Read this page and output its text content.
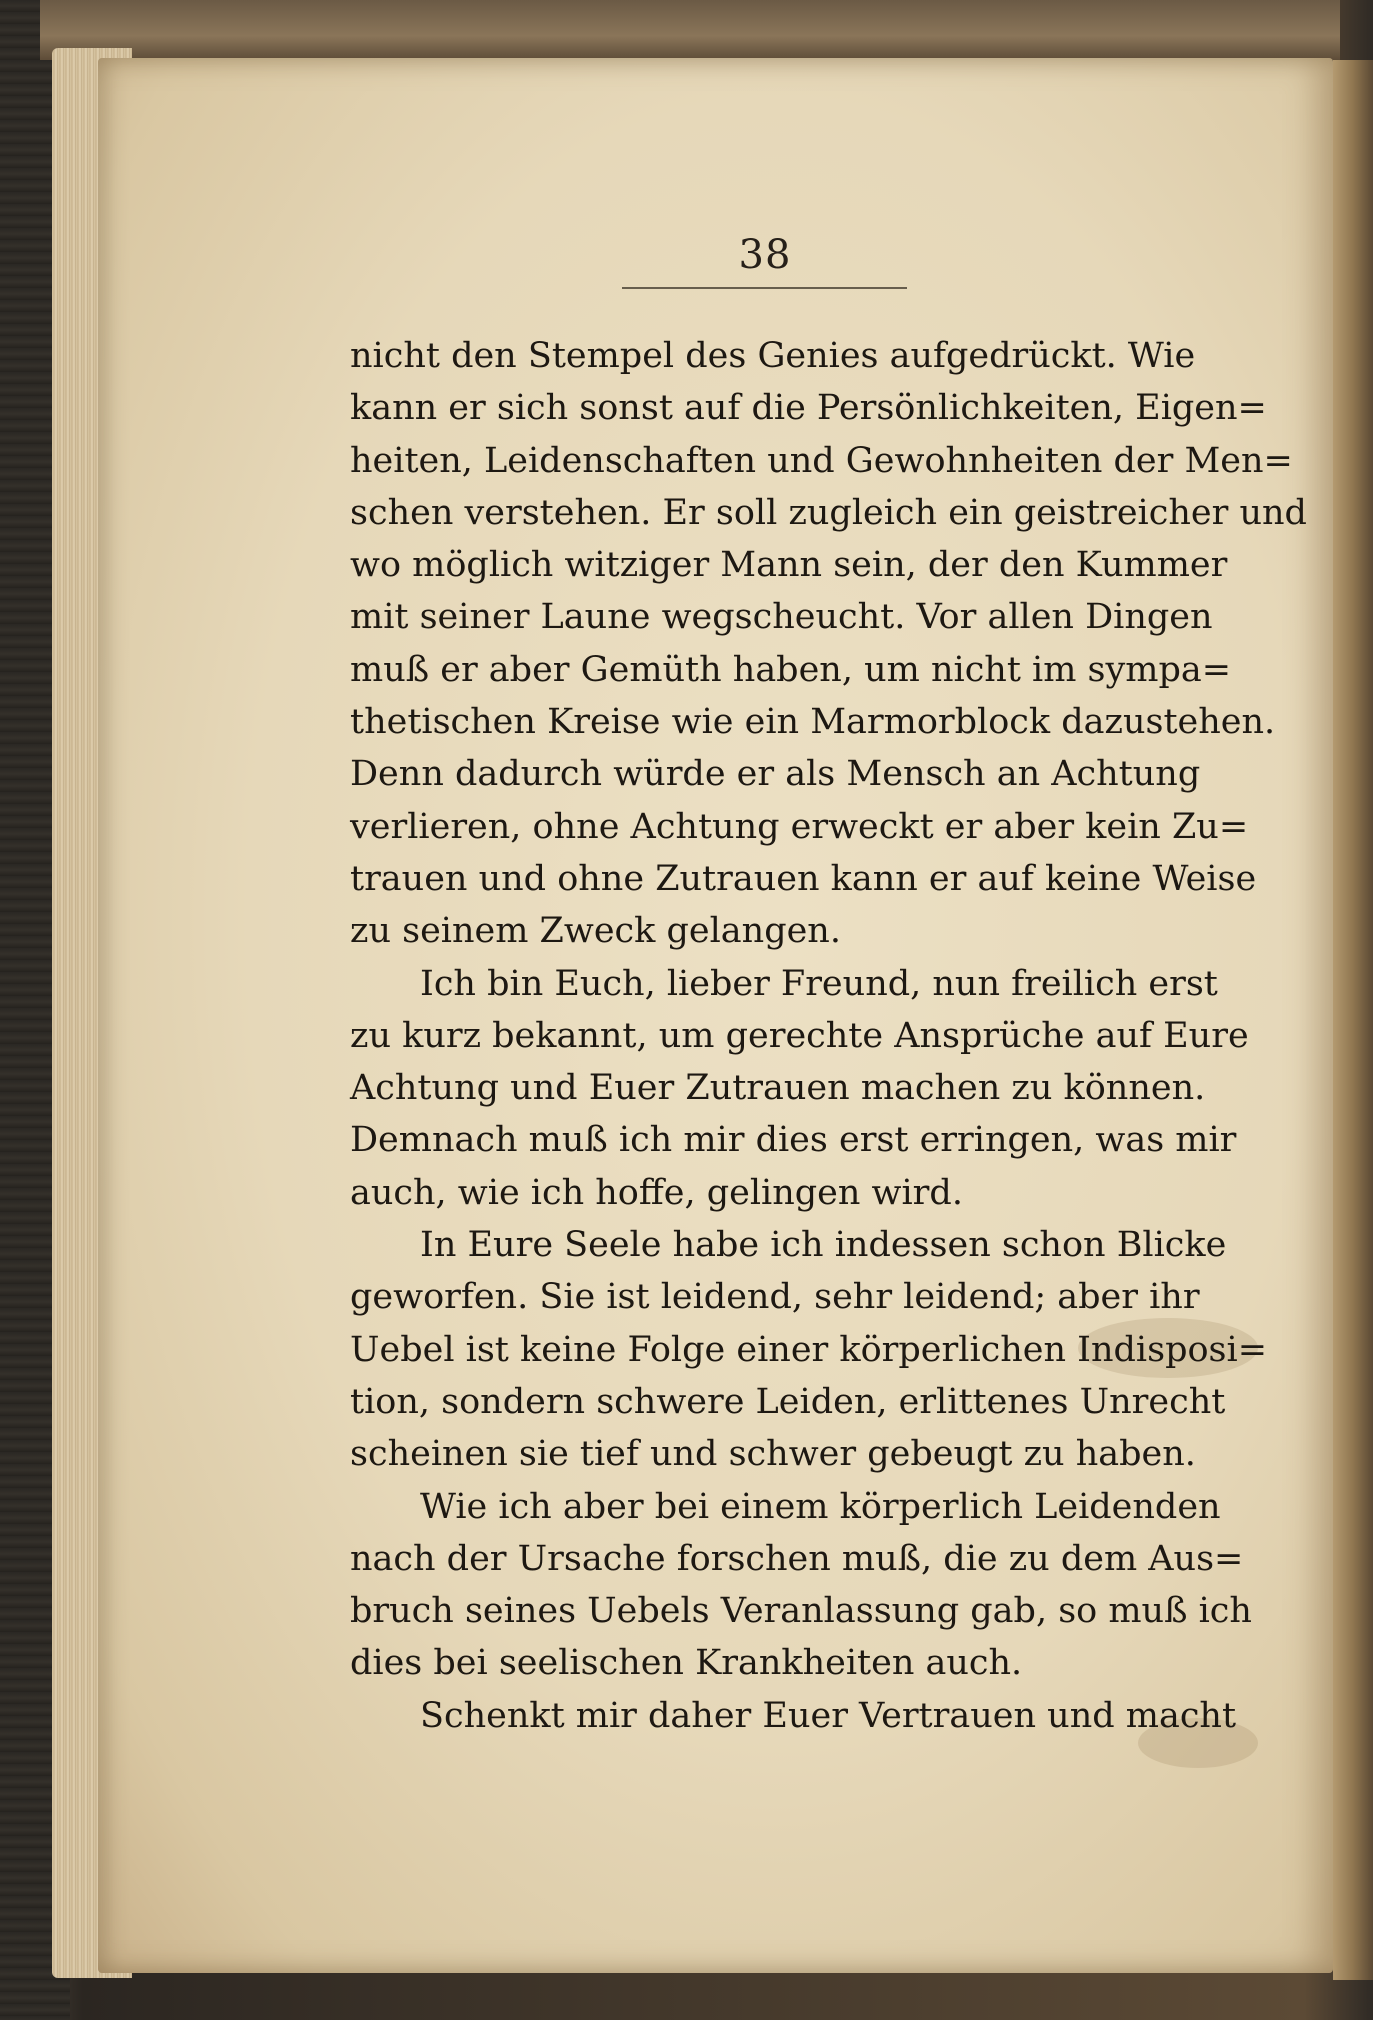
38
nicht den Stempel des Genies aufgedrückt. Wie
kann er sich sonst auf die Persönlichkeiten, Eigen=
heiten, Leidenschaften und Gewohnheiten der Men=
schen verstehen. Er soll zugleich ein geistreicher und
wo möglich witziger Mann sein, der den Kummer
mit seiner Laune wegscheucht. Vor allen Dingen
muß er aber Gemüth haben, um nicht im sympa=
thetischen Kreise wie ein Marmorblock dazustehen.
Denn dadurch würde er als Mensch an Achtung
verlieren, ohne Achtung erweckt er aber kein Zu=
trauen und ohne Zutrauen kann er auf keine Weise
zu seinem Zweck gelangen.
Ich bin Euch, lieber Freund, nun freilich erst
zu kurz bekannt, um gerechte Ansprüche auf Eure
Achtung und Euer Zutrauen machen zu können.
Demnach muß ich mir dies erst erringen, was mir
auch, wie ich hoffe, gelingen wird.
In Eure Seele habe ich indessen schon Blicke
geworfen. Sie ist leidend, sehr leidend; aber ihr
Uebel ist keine Folge einer körperlichen Indisposi=
tion, sondern schwere Leiden, erlittenes Unrecht
scheinen sie tief und schwer gebeugt zu haben.
Wie ich aber bei einem körperlich Leidenden
nach der Ursache forschen muß, die zu dem Aus=
bruch seines Uebels Veranlassung gab, so muß ich
dies bei seelischen Krankheiten auch.
Schenkt mir daher Euer Vertrauen und macht
